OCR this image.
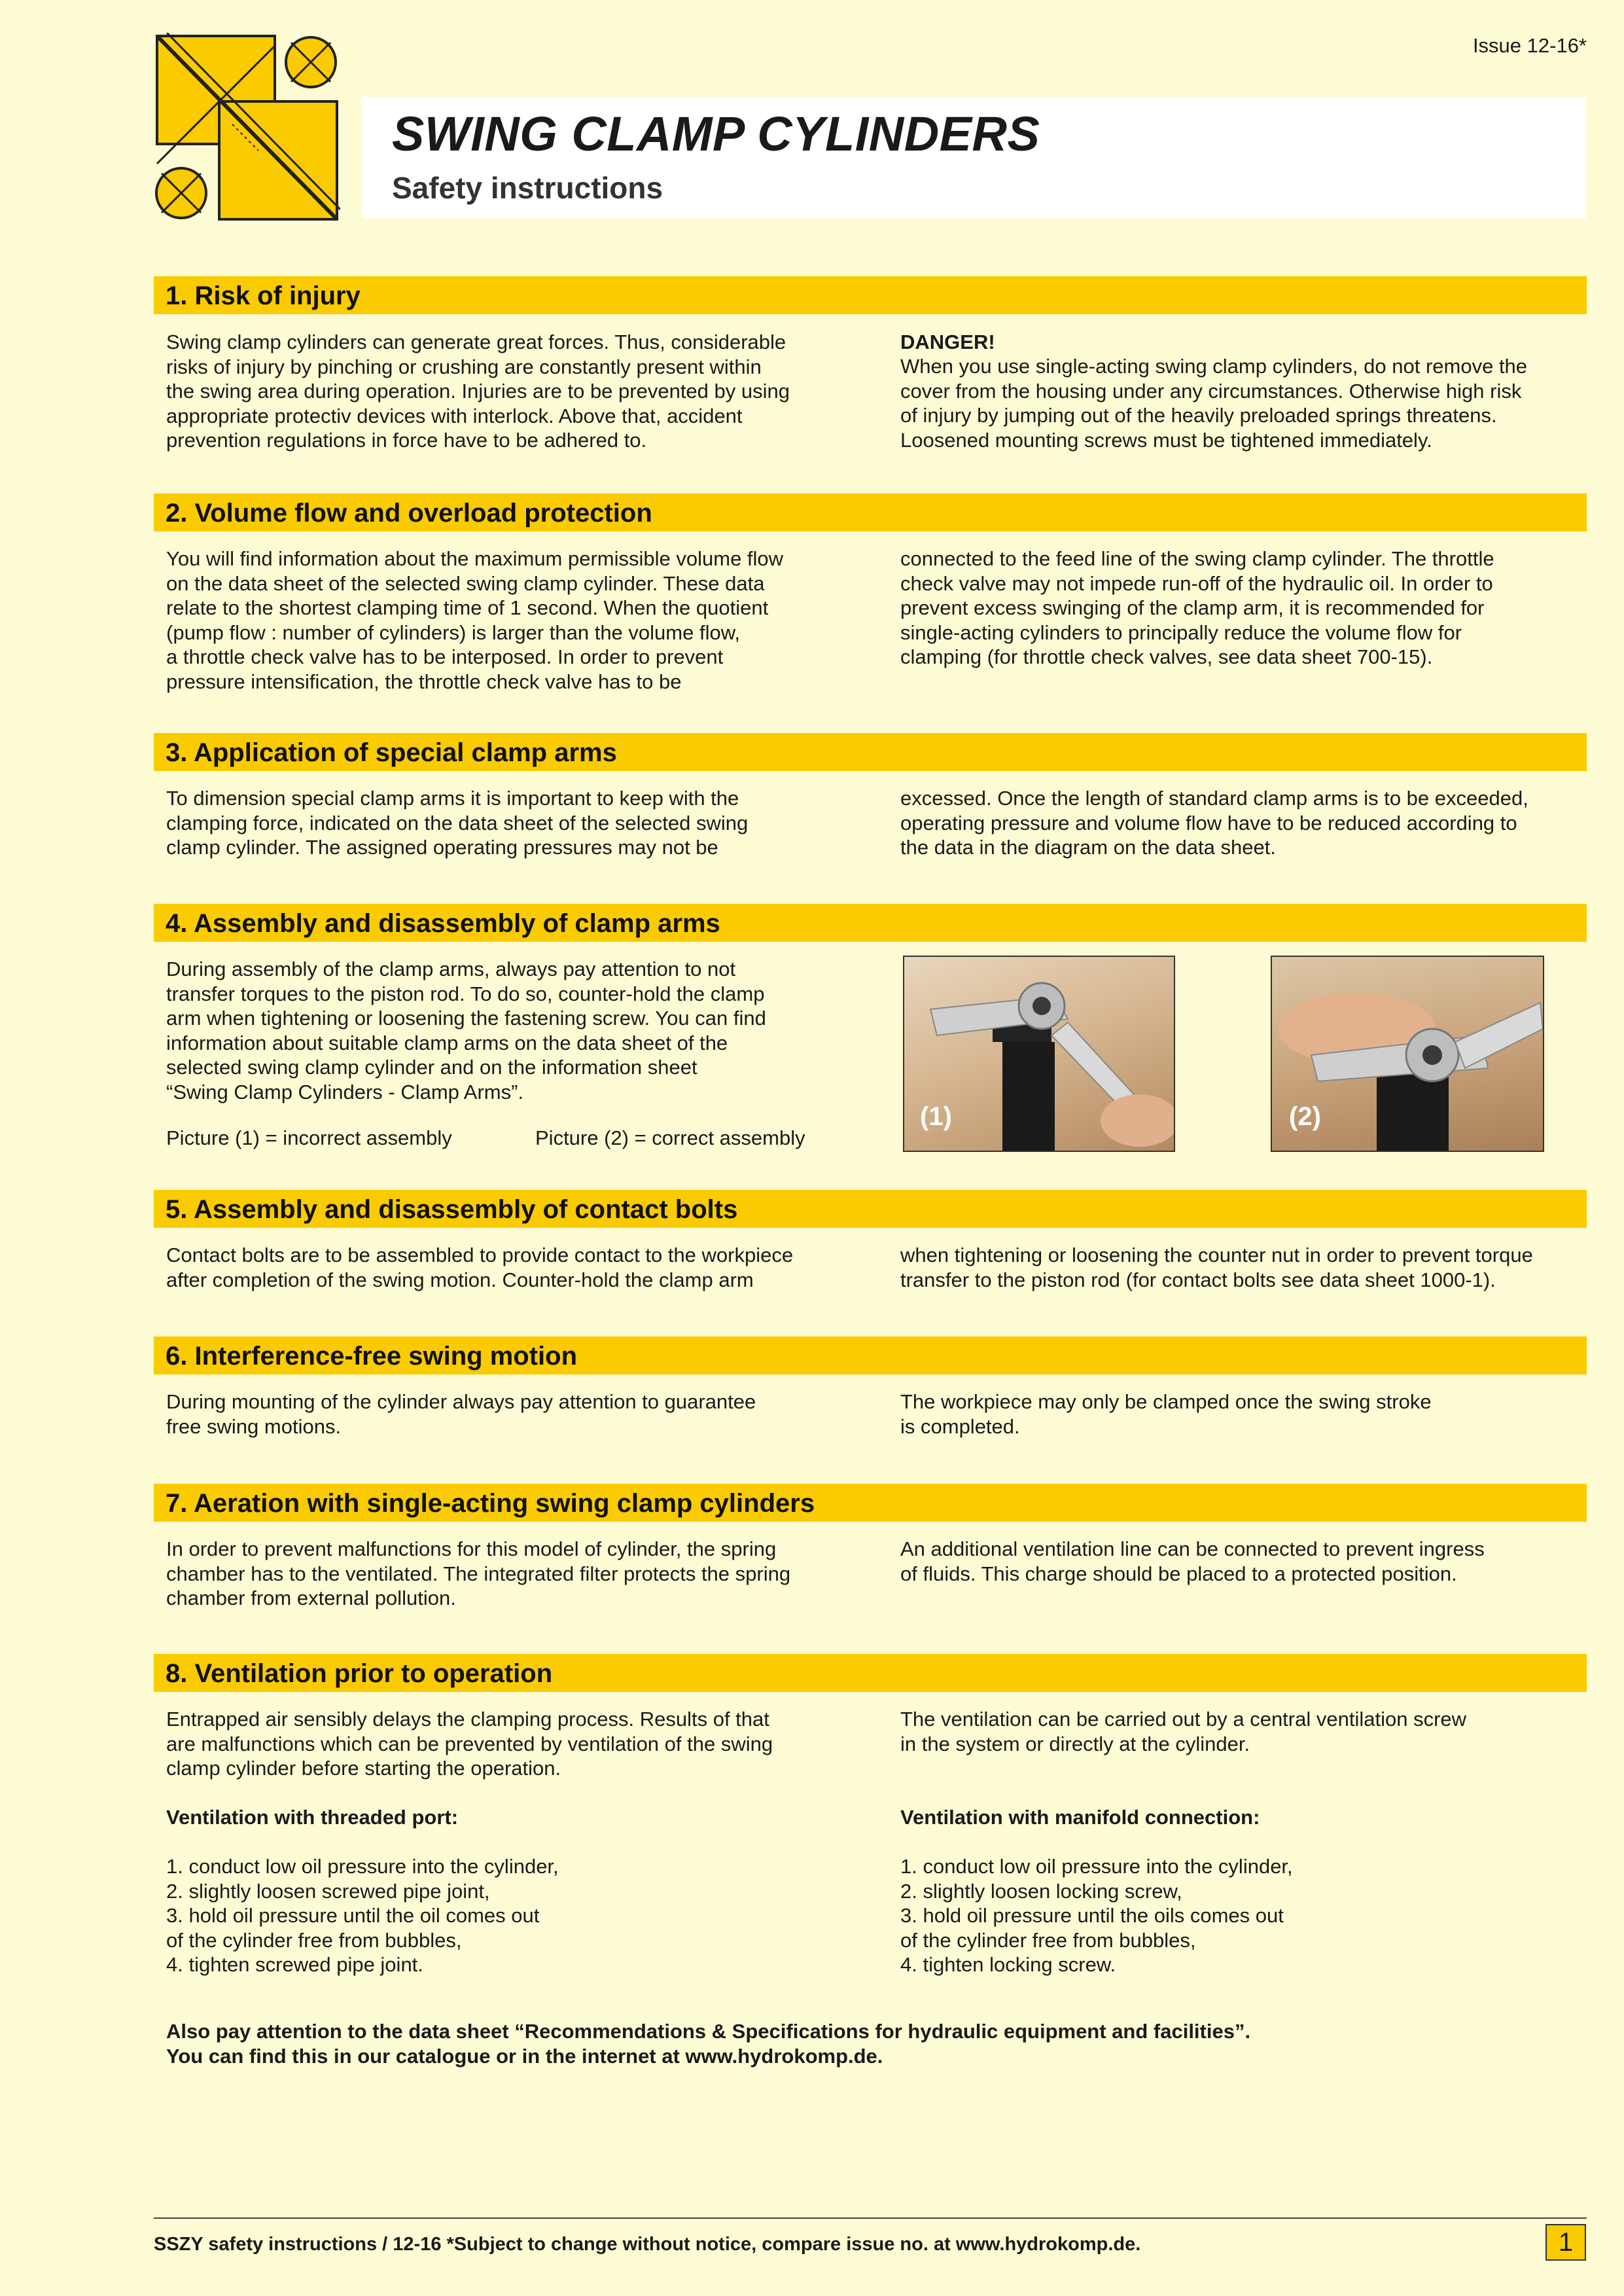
Issue 12-16*
SWING CLAMP CYLINDERS
Safety instructions
1. Risk of injury
Swing clamp cylinders can generate great forces. Thus, considerable
risks of injury by pinching or crushing are constantly present within
the swing area during operation. Injuries are to be prevented by using
appropriate protectiv devices with interlock. Above that, accident
prevention regulations in force have to be adhered to.
DANGER!
When you use single-acting swing clamp cylinders, do not remove the
cover from the housing under any circumstances. Otherwise high risk
of injury by jumping out of the heavily preloaded springs threatens.
Loosened mounting screws must be tightened immediately.
2. Volume flow and overload protection
You will find information about the maximum permissible volume flow
on the data sheet of the selected swing clamp cylinder. These data
relate to the shortest clamping time of 1 second. When the quotient
(pump flow : number of cylinders) is larger than the volume flow,
a throttle check valve has to be interposed. In order to prevent
pressure intensification, the throttle check valve has to be
connected to the feed line of the swing clamp cylinder. The throttle
check valve may not impede run-off of the hydraulic oil. In order to
prevent excess swinging of the clamp arm, it is recommended for
single-acting cylinders to principally reduce the volume flow for
clamping (for throttle check valves, see data sheet 700-15).
3. Application of special clamp arms
To dimension special clamp arms it is important to keep with the
clamping force, indicated on the data sheet of the selected swing
clamp cylinder. The assigned operating pressures may not be
excessed. Once the length of standard clamp arms is to be exceeded,
operating pressure and volume flow have to be reduced according to
the data in the diagram on the data sheet.
4. Assembly and disassembly of clamp arms
During assembly of the clamp arms, always pay attention to not
transfer torques to the piston rod. To do so, counter-hold the clamp
arm when tightening or loosening the fastening screw. You can find
information about suitable clamp arms on the data sheet of the
selected swing clamp cylinder and on the information sheet
“Swing Clamp Cylinders - Clamp Arms”.
Picture (1) = incorrect assembly	Picture (2) = correct assembly
(1)	(2)
5. Assembly and disassembly of contact bolts
Contact bolts are to be assembled to provide contact to the workpiece
after completion of the swing motion. Counter-hold the clamp arm
when tightening or loosening the counter nut in order to prevent torque
transfer to the piston rod (for contact bolts see data sheet 1000-1).
6. Interference-free swing motion
During mounting of the cylinder always pay attention to guarantee
free swing motions.
The workpiece may only be clamped once the swing stroke
is completed.
7. Aeration with single-acting swing clamp cylinders
In order to prevent malfunctions for this model of cylinder, the spring
chamber has to the ventilated. The integrated filter protects the spring
chamber from external pollution.
An additional ventilation line can be connected to prevent ingress
of fluids. This charge should be placed to a protected position.
8. Ventilation prior to operation
Entrapped air sensibly delays the clamping process. Results of that
are malfunctions which can be prevented by ventilation of the swing
clamp cylinder before starting the operation.
The ventilation can be carried out by a central ventilation screw
in the system or directly at the cylinder.
Ventilation with threaded port:	Ventilation with manifold connection:
1. conduct low oil pressure into the cylinder,
2. slightly loosen screwed pipe joint,
3. hold oil pressure until the oil comes out
of the cylinder free from bubbles,
4. tighten screwed pipe joint.
1. conduct low oil pressure into the cylinder,
2. slightly loosen locking screw,
3. hold oil pressure until the oils comes out
of the cylinder free from bubbles,
4. tighten locking screw.
Also pay attention to the data sheet “Recommendations & Specifications for hydraulic equipment and facilities”.
You can find this in our catalogue or in the internet at www.hydrokomp.de.
SSZY safety instructions / 12-16 *Subject to change without notice, compare issue no. at www.hydrokomp.de.	1
